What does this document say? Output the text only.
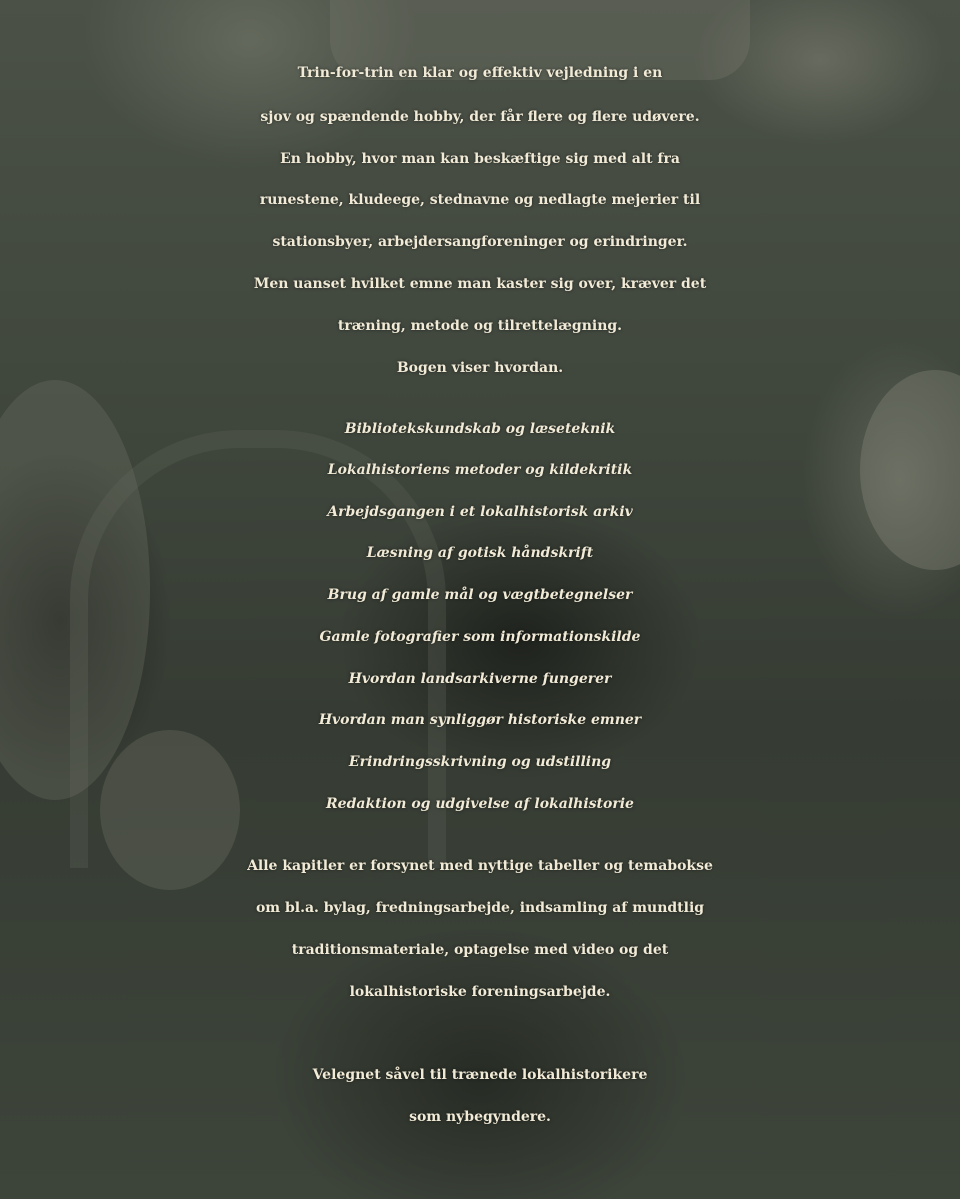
Trin-for-trin en klar og effektiv vejledning i en
sjov og spændende hobby, der får flere og flere udøvere.
En hobby, hvor man kan beskæftige sig med alt fra
runestene, kludeege, stednavne og nedlagte mejerier til
stationsbyer, arbejdersangforeninger og erindringer.
Men uanset hvilket emne man kaster sig over, kræver det
træning, metode og tilrettelægning.
Bogen viser hvordan.
Bibliotekskundskab og læseteknik
Lokalhistoriens metoder og kildekritik
Arbejdsgangen i et lokalhistorisk arkiv
Læsning af gotisk håndskrift
Brug af gamle mål og vægtbetegnelser
Gamle fotografier som informationskilde
Hvordan landsarkiverne fungerer
Hvordan man synliggør historiske emner
Erindringsskrivning og udstilling
Redaktion og udgivelse af lokalhistorie
Alle kapitler er forsynet med nyttige tabeller og temabokse
om bl.a. bylag, fredningsarbejde, indsamling af mundtlig
traditionsmateriale, optagelse med video og det
lokalhistoriske foreningsarbejde.
Velegnet såvel til trænede lokalhistorikere
som nybegyndere.
